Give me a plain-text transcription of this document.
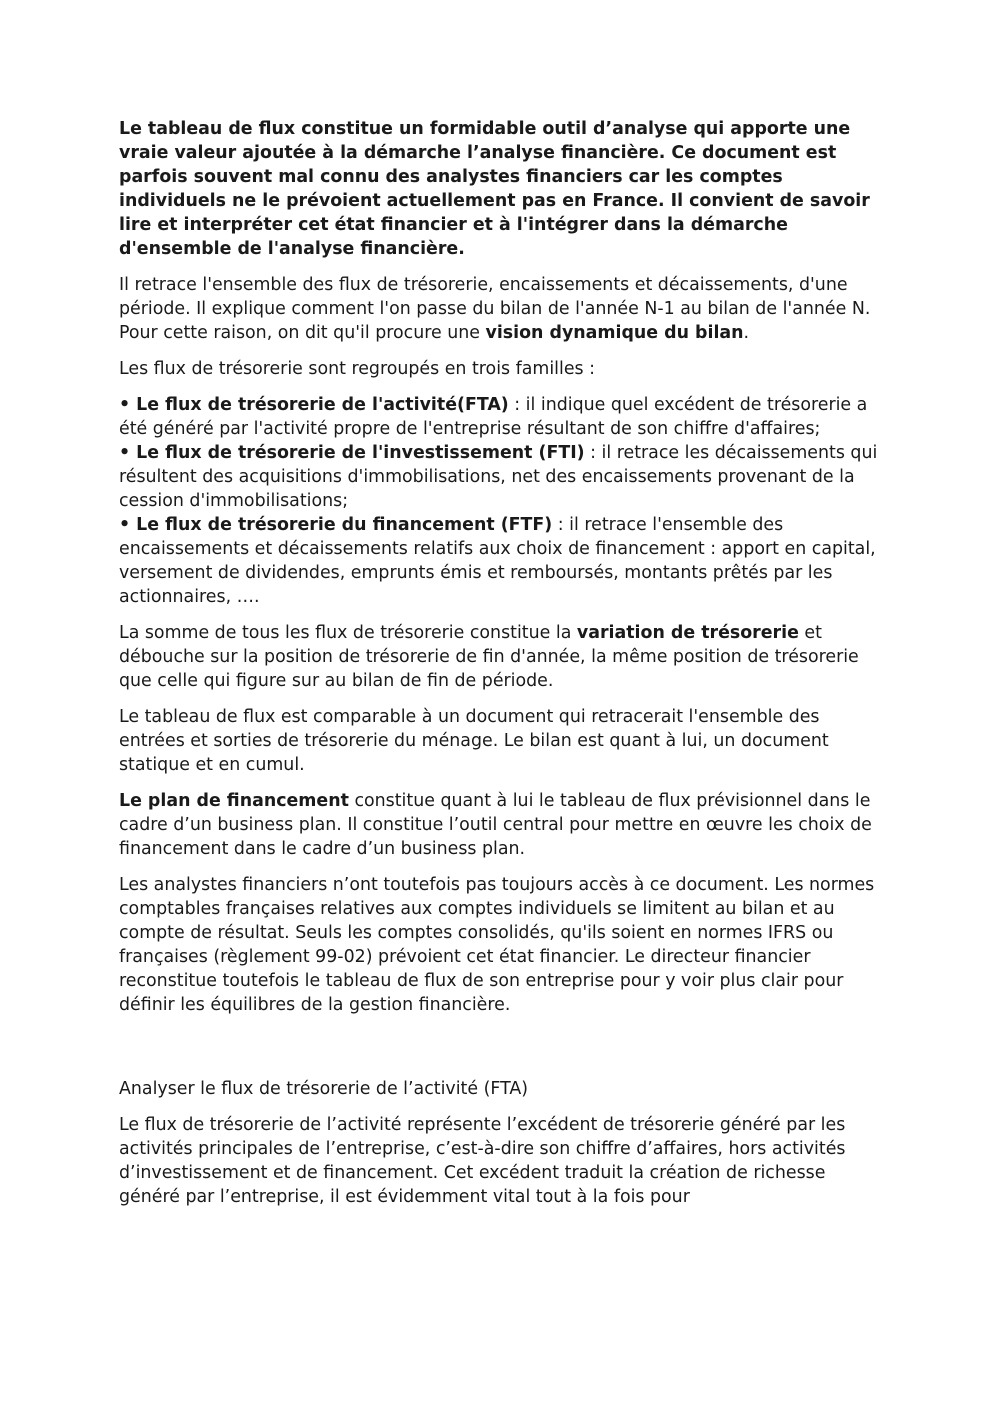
Le tableau de flux constitue un formidable outil d’analyse qui apporte une vraie valeur ajoutée à la démarche l’analyse financière. Ce document est parfois souvent mal connu des analystes financiers car les comptes individuels ne le prévoient actuellement pas en France. Il convient de savoir lire et interpréter cet état financier et à l'intégrer dans la démarche d'ensemble de l'analyse financière.

Il retrace l'ensemble des flux de trésorerie, encaissements et décaissements, d'une période. Il explique comment l'on passe du bilan de l'année N-1 au bilan de l'année N. Pour cette raison, on dit qu'il procure une vision dynamique du bilan.

Les flux de trésorerie sont regroupés en trois familles :

• Le flux de trésorerie de l'activité(FTA) : il indique quel excédent de trésorerie a été généré par l'activité propre de l'entreprise résultant de son chiffre d'affaires;
• Le flux de trésorerie de l'investissement (FTI) : il retrace les décaissements qui résultent des acquisitions d'immobilisations, net des encaissements provenant de la cession d'immobilisations;
• Le flux de trésorerie du financement (FTF) : il retrace l'ensemble des encaissements et décaissements relatifs aux choix de financement : apport en capital, versement de dividendes, emprunts émis et remboursés, montants prêtés par les actionnaires, ….

La somme de tous les flux de trésorerie constitue la variation de trésorerie et débouche sur la position de trésorerie de fin d'année, la même position de trésorerie que celle qui figure sur au bilan de fin de période.

Le tableau de flux est comparable à un document qui retracerait l'ensemble des entrées et sorties de trésorerie du ménage. Le bilan est quant à lui, un document statique et en cumul.

Le plan de financement constitue quant à lui le tableau de flux prévisionnel dans le cadre d’un business plan. Il constitue l’outil central pour mettre en œuvre les choix de financement dans le cadre d’un business plan.

Les analystes financiers n’ont toutefois pas toujours accès à ce document. Les normes comptables françaises relatives aux comptes individuels se limitent au bilan et au compte de résultat. Seuls les comptes consolidés, qu'ils soient en normes IFRS ou françaises (règlement 99-02) prévoient cet état financier. Le directeur financier reconstitue toutefois le tableau de flux de son entreprise pour y voir plus clair pour définir les équilibres de la gestion financière.

Analyser le flux de trésorerie de l’activité (FTA)

Le flux de trésorerie de l’activité représente l’excédent de trésorerie généré par les activités principales de l’entreprise, c’est-à-dire son chiffre d’affaires, hors activités d’investissement et de financement. Cet excédent traduit la création de richesse généré par l’entreprise, il est évidemment vital tout à la fois pour
